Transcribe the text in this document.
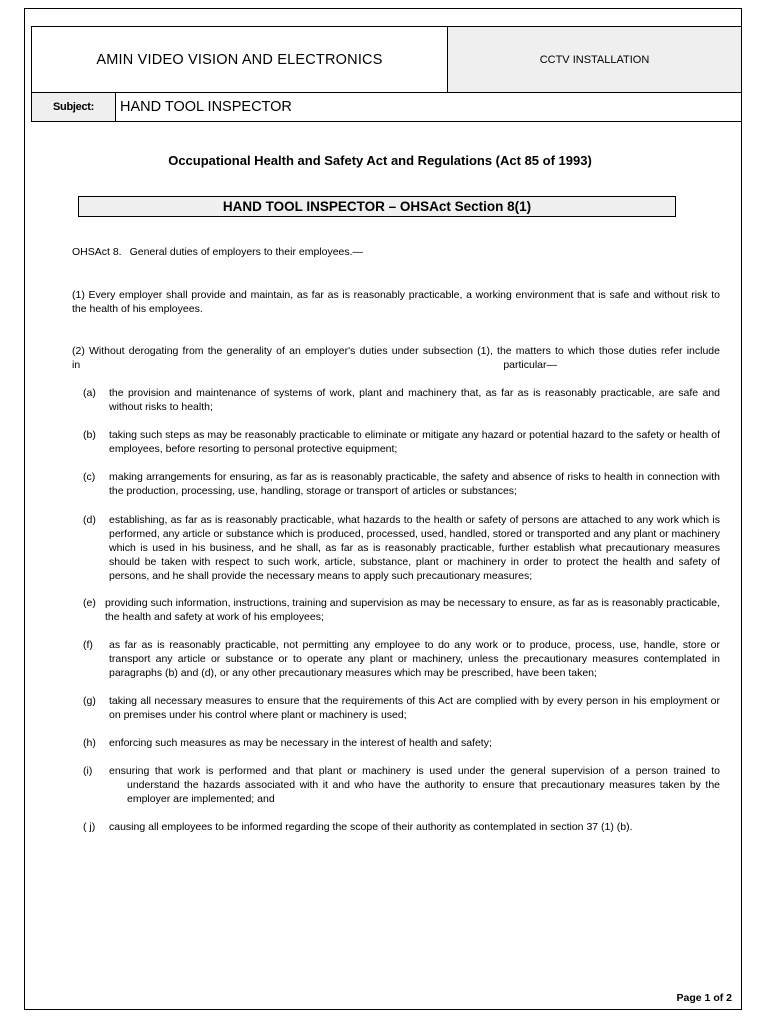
AMIN VIDEO VISION AND ELECTRONICS	CCTV INSTALLATION
Subject:	HAND TOOL INSPECTOR
Occupational Health and Safety Act and Regulations (Act 85 of 1993)
HAND TOOL INSPECTOR – OHSAct Section 8(1)
OHSAct 8. General duties of employers to their employees.—
(1) Every employer shall provide and maintain, as far as is reasonably practicable, a working environment that is safe and without risk to the health of his employees.
(2) Without derogating from the generality of an employer's duties under subsection (1), the matters to which those duties refer include
in	particular—
(a)	the provision and maintenance of systems of work, plant and machinery that, as far as is reasonably practicable, are safe and without risks to health;
(b)	taking such steps as may be reasonably practicable to eliminate or mitigate any hazard or potential hazard to the safety or health of employees, before resorting to personal protective equipment;
(c)	making arrangements for ensuring, as far as is reasonably practicable, the safety and absence of risks to health in connection with the production, processing, use, handling, storage or transport of articles or substances;
(d)	establishing, as far as is reasonably practicable, what hazards to the health or safety of persons are attached to any work which is performed, any article or substance which is produced, processed, used, handled, stored or transported and any plant or machinery which is used in his business, and he shall, as far as is reasonably practicable, further establish what precautionary measures should be taken with respect to such work, article, substance, plant or machinery in order to protect the health and safety of persons, and he shall provide the necessary means to apply such precautionary measures;
(e) providing such information, instructions, training and supervision as may be necessary to ensure, as far as is reasonably practicable, the health and safety at work of his employees;
(f)	as far as is reasonably practicable, not permitting any employee to do any work or to produce, process, use, handle, store or transport any article or substance or to operate any plant or machinery, unless the precautionary measures contemplated in paragraphs (b) and (d), or any other precautionary measures which may be prescribed, have been taken;
(g)	taking all necessary measures to ensure that the requirements of this Act are complied with by every person in his employment or on premises under his control where plant or machinery is used;
(h)	enforcing such measures as may be necessary in the interest of health and safety;
(i)	ensuring that work is performed and that plant or machinery is used under the general supervision of a person trained to
understand the hazards associated with it and who have the authority to ensure that precautionary measures taken by the employer are implemented; and
( j)	causing all employees to be informed regarding the scope of their authority as contemplated in section 37 (1) (b).
Page 1 of 2
